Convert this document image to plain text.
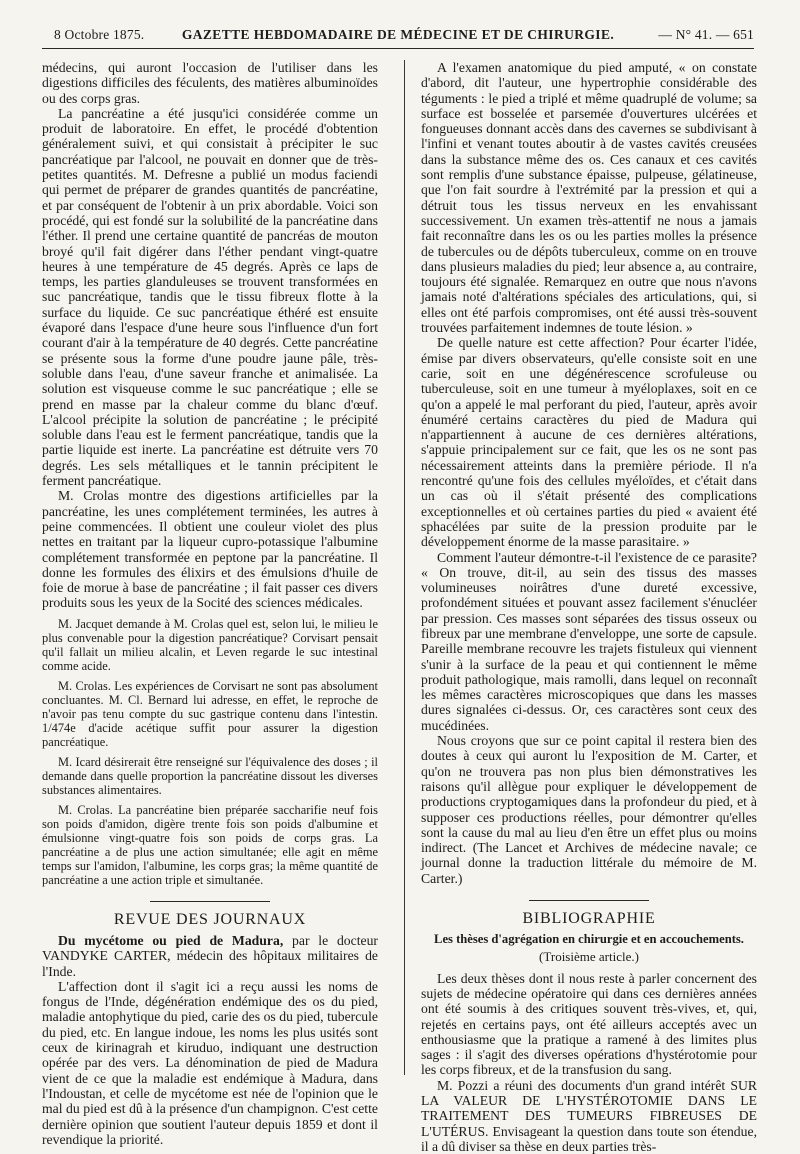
8 Octobre 1875.	GAZETTE HEBDOMADAIRE DE MÉDECINE ET DE CHIRURGIE.	— N° 41. — 651

médecins, qui auront l'occasion de l'utiliser dans les digestions difficiles des féculents, des matières albuminoïdes ou des corps gras.

La pancréatine a été jusqu'ici considérée comme un produit de laboratoire. En effet, le procédé d'obtention généralement suivi, et qui consistait à précipiter le suc pancréatique par l'alcool, ne pouvait en donner que de très-petites quantités. M. Defresne a publié un modus faciendi qui permet de préparer de grandes quantités de pancréatine, et par conséquent de l'obtenir à un prix abordable. Voici son procédé, qui est fondé sur la solubilité de la pancréatine dans l'éther. Il prend une certaine quantité de pancréas de mouton broyé qu'il fait digérer dans l'éther pendant vingt-quatre heures à une température de 45 degrés. Après ce laps de temps, les parties glanduleuses se trouvent transformées en suc pancréatique, tandis que le tissu fibreux flotte à la surface du liquide. Ce suc pancréatique éthéré est ensuite évaporé dans l'espace d'une heure sous l'influence d'un fort courant d'air à la température de 40 degrés. Cette pancréatine se présente sous la forme d'une poudre jaune pâle, très-soluble dans l'eau, d'une saveur franche et animalisée. La solution est visqueuse comme le suc pancréatique ; elle se prend en masse par la chaleur comme du blanc d'œuf. L'alcool précipite la solution de pancréatine ; le précipité soluble dans l'eau est le ferment pancréatique, tandis que la partie liquide est inerte. La pancréatine est détruite vers 70 degrés. Les sels métalliques et le tannin précipitent le ferment pancréatique.

M. Crolas montre des digestions artificielles par la pancréatine, les unes complétement terminées, les autres à peine commencées. Il obtient une couleur violet des plus nettes en traitant par la liqueur cupro-potassique l'albumine complétement transformée en peptone par la pancréatine. Il donne les formules des élixirs et des émulsions d'huile de foie de morue à base de pancréatine ; il fait passer ces divers produits sous les yeux de la Socité des sciences médicales.

M. Jacquet demande à M. Crolas quel est, selon lui, le milieu le plus convenable pour la digestion pancréatique? Corvisart pensait qu'il fallait un milieu alcalin, et Leven regarde le suc intestinal comme acide.

M. Crolas. Les expériences de Corvisart ne sont pas absolument concluantes. M. Cl. Bernard lui adresse, en effet, le reproche de n'avoir pas tenu compte du suc gastrique contenu dans l'intestin. 1/474e d'acide acétique suffit pour assurer la digestion pancréatique.

M. Icard désirerait être renseigné sur l'équivalence des doses ; il demande dans quelle proportion la pancréatine dissout les diverses substances alimentaires.

M. Crolas. La pancréatine bien préparée saccharifie neuf fois son poids d'amidon, digère trente fois son poids d'albumine et émulsionne vingt-quatre fois son poids de corps gras. La pancréatine a de plus une action simultanée; elle agit en même temps sur l'amidon, l'albumine, les corps gras; la même quantité de pancréatine a une action triple et simultanée.

REVUE DES JOURNAUX

Du mycétome ou pied de Madura, par le docteur VANDYKE CARTER, médecin des hôpitaux militaires de l'Inde.

L'affection dont il s'agit ici a reçu aussi les noms de fongus de l'Inde, dégénération endémique des os du pied, maladie antophytique du pied, carie des os du pied, tubercule du pied, etc. En langue indoue, les noms les plus usités sont ceux de kirinagrah et kiruduo, indiquant une destruction opérée par des vers. La dénomination de pied de Madura vient de ce que la maladie est endémique à Madura, dans l'Indoustan, et celle de mycétome est née de l'opinion que le mal du pied est dû à la présence d'un champignon. C'est cette dernière opinion que soutient l'auteur depuis 1859 et dont il revendique la priorité.

A l'examen anatomique du pied amputé, « on constate d'abord, dit l'auteur, une hypertrophie considérable des téguments : le pied a triplé et même quadruplé de volume; sa surface est bosselée et parsemée d'ouvertures ulcérées et fongueuses donnant accès dans des cavernes se subdivisant à l'infini et venant toutes aboutir à de vastes cavités creusées dans la substance même des os. Ces canaux et ces cavités sont remplis d'une substance épaisse, pulpeuse, gélatineuse, que l'on fait sourdre à l'extrémité par la pression et qui a détruit tous les tissus nerveux en les envahissant successivement. Un examen très-attentif ne nous a jamais fait reconnaître dans les os ou les parties molles la présence de tubercules ou de dépôts tuberculeux, comme on en trouve dans plusieurs maladies du pied; leur absence a, au contraire, toujours été signalée. Remarquez en outre que nous n'avons jamais noté d'altérations spéciales des articulations, qui, si elles ont été parfois compromises, ont été aussi très-souvent trouvées parfaitement indemnes de toute lésion. »

De quelle nature est cette affection? Pour écarter l'idée, émise par divers observateurs, qu'elle consiste soit en une carie, soit en une dégénérescence scrofuleuse ou tuberculeuse, soit en une tumeur à myéloplaxes, soit en ce qu'on a appelé le mal perforant du pied, l'auteur, après avoir énuméré certains caractères du pied de Madura qui n'appartiennent à aucune de ces dernières altérations, s'appuie principalement sur ce fait, que les os ne sont pas nécessairement atteints dans la première période. Il n'a rencontré qu'une fois des cellules myéloïdes, et c'était dans un cas où il s'était présenté des complications exceptionnelles et où certaines parties du pied « avaient été sphacélées par suite de la pression produite par le développement énorme de la masse parasitaire. »

Comment l'auteur démontre-t-il l'existence de ce parasite? « On trouve, dit-il, au sein des tissus des masses volumineuses noirâtres d'une dureté excessive, profondément situées et pouvant assez facilement s'énucléer par pression. Ces masses sont séparées des tissus osseux ou fibreux par une membrane d'enveloppe, une sorte de capsule. Pareille membrane recouvre les trajets fistuleux qui viennent s'unir à la surface de la peau et qui contiennent le même produit pathologique, mais ramolli, dans lequel on reconnaît les mêmes caractères microscopiques que dans les masses dures signalées ci-dessus. Or, ces caractères sont ceux des mucédinées.

Nous croyons que sur ce point capital il restera bien des doutes à ceux qui auront lu l'exposition de M. Carter, et qu'on ne trouvera pas non plus bien démonstratives les raisons qu'il allègue pour expliquer le développement de productions cryptogamiques dans la profondeur du pied, et à supposer ces productions réelles, pour démontrer qu'elles sont la cause du mal au lieu d'en être un effet plus ou moins indirect. (The Lancet et Archives de médecine navale; ce journal donne la traduction littérale du mémoire de M. Carter.)

BIBLIOGRAPHIE
Les thèses d'agrégation en chirurgie et en accouchements.
(Troisième article.)

Les deux thèses dont il nous reste à parler concernent des sujets de médecine opératoire qui dans ces dernières années ont été soumis à des critiques souvent très-vives, et, qui, rejetés en certains pays, ont été ailleurs acceptés avec un enthousiasme que la pratique a ramené à des limites plus sages : il s'agit des diverses opérations d'hystérotomie pour les corps fibreux, et de la transfusion du sang.

M. Pozzi a réuni des documents d'un grand intérêt SUR LA VALEUR DE L'HYSTÉROTOMIE DANS LE TRAITEMENT DES TUMEURS FIBREUSES DE L'UTÉRUS. Envisageant la question dans toute son étendue, il a dû diviser sa thèse en deux parties très-
